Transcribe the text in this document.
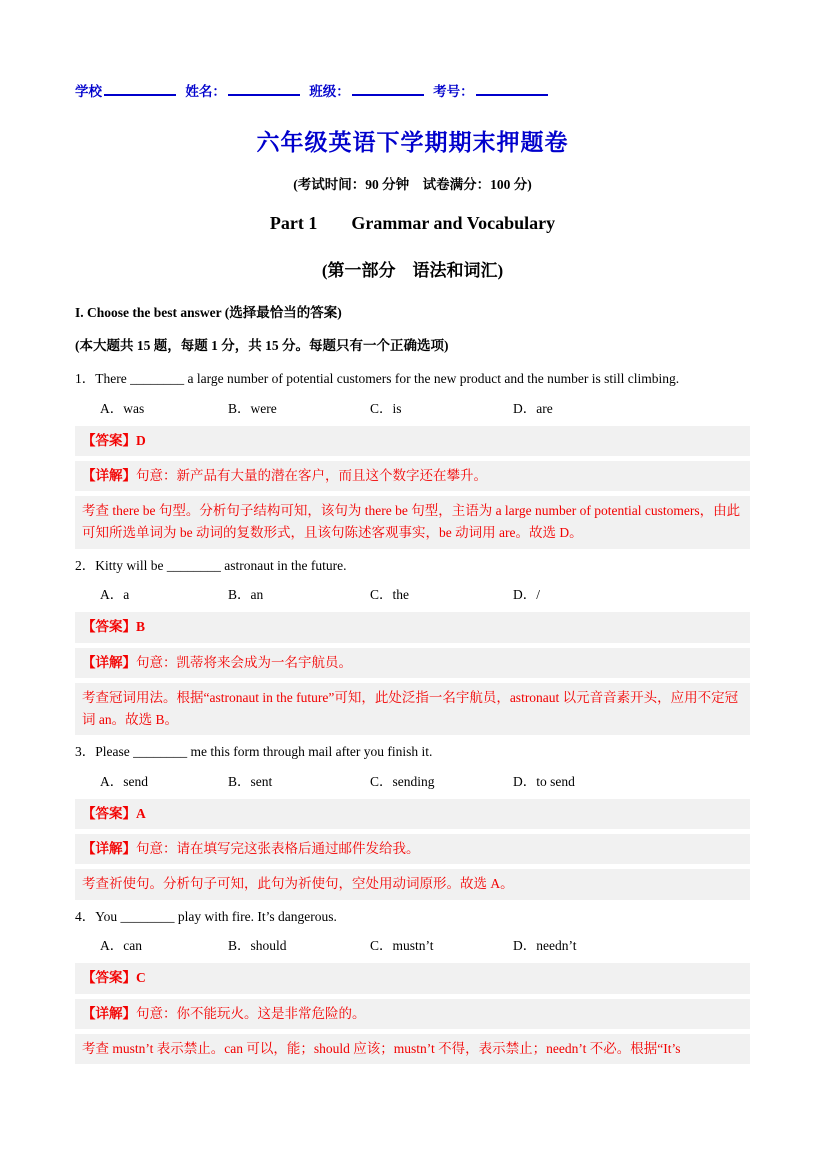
学校	姓名：	班级：	考号：
六年级英语下学期期末押题卷
(考试时间：90 分钟　试卷满分：100 分)
Part 1 Grammar and Vocabulary
(第一部分　语法和词汇)
I. Choose the best answer (选择最恰当的答案)
(本大题共 15 题，每题 1 分，共 15 分。每题只有一个正确选项)

1．There ________ a large number of potential customers for the new product and the number is still climbing.

A．was	B．were	C．is	D．are
【答案】D
【详解】句意：新产品有大量的潜在客户，而且这个数字还在攀升。
考查 there be 句型。分析句子结构可知，该句为 there be 句型，主语为 a large number of potential customers，由此可知所选单词为 be 动词的复数形式，且该句陈述客观事实，be 动词用 are。故选 D。

2．Kitty will be ________ astronaut in the future.

A．a	B．an	C．the	D．/
【答案】B
【详解】句意：凯蒂将来会成为一名宇航员。
考查冠词用法。根据“astronaut in the future”可知，此处泛指一名宇航员，astronaut 以元音音素开头，应用不定冠词 an。故选 B。

3．Please ________ me this form through mail after you finish it.

A．send	B．sent	C．sending	D．to send
【答案】A
【详解】句意：请在填写完这张表格后通过邮件发给我。
考查祈使句。分析句子可知，此句为祈使句，空处用动词原形。故选 A。

4．You ________ play with fire. It’s dangerous.

A．can	B．should	C．mustn’t	D．needn’t
【答案】C
【详解】句意：你不能玩火。这是非常危险的。
考查 mustn’t 表示禁止。can 可以，能；should 应该；mustn’t 不得，表示禁止；needn’t 不必。根据“It’s
